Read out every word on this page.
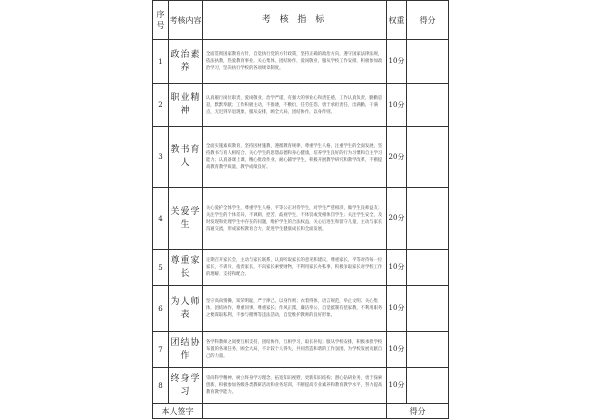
序号	考核内容	考 核 指 标	权重	得分
1	政治素养	全面贯彻国家教育方针，自觉执行党的方针政策，坚持正确的政治方向，遵守国家法律法规，依法执教，热爱教育事业，关心集体，团结协作，爱岗敬业，服从学校工作安排，积极参加政治学习，坚决执行学校的各项规章制度。	10分	
2	职业精神	认真履行岗位职责，爱岗敬业，治学严谨，有强大的事业心和责任感，工作认真负责，勤勤恳恳，默默奉献；工作积极主动，不推诿，不敷衍，任劳任怨，勇于承担责任，出满勤，干满点，无迟到早退现象，服从安排，顾全大局，团结协作，以身作则。	10分	
3	教书育人	全面实施素质教育，坚持因材施教，遵循教育规律，尊重学生人格，注重学生的全面发展，坚持教书与育人相结合，关心学生的思想品德和身心健康，培养学生良好的行为习惯和自主学习能力；认真备课上课，精心批改作业，耐心辅导学生，积极开展教学研究和教学改革，不断提高教育教学质量，教学成绩良好。	20分	
4	关爱学生	关心爱护全体学生，尊重学生人格，平等公正对待学生，对学生严慈相济，做学生良师益友；关注学生的个体差异，不讽刺、挖苦、歧视学生，不体罚或变相体罚学生；关注学生安全，及时发现和处理学生中存在的问题，维护学生的合法权益，关心后进生和留守儿童，主动与家长沟通交流，形成家校教育合力，促进学生健康成长和全面发展。	20分	
5	尊重家长	定期召开家长会，主动与家长联系，认真听取家长的意见和建议，尊重家长，平等对待每一位家长，不训斥、指责家长，不向家长索要财物，不利用家长办私事，积极争取家长对学校工作的理解、支持和配合。	10分	
6	为人师表	坚守高尚情操，知荣明耻，严于律己，以身作则；衣着得体，语言规范，举止文明；关心集体，团结协作，尊重同事，尊重家长；作风正派，廉洁奉公，自觉抵制有偿家教，不利用职务之便谋取私利，不参与赌博等违法活动，自觉维护教师的良好形象。	10分	
7	团结协作	各学科教师之间要互相支持，团结协作，互相学习，取长补短；服从学校安排，积极承担学校布置的各项任务，顾全大局，不计较个人得失，共同营造和谐的工作氛围，为学校发展贡献自己的力量。	10分	
8	终身学习	崇尚科学精神，树立终身学习理念，拓宽知识视野，更新知识结构；潜心钻研业务，勇于探索创新，积极参加各级各类教研活动和业务培训，不断提高专业素养和教育教学水平，努力提高教育教学能力。	10分	
本人签字			得分	
